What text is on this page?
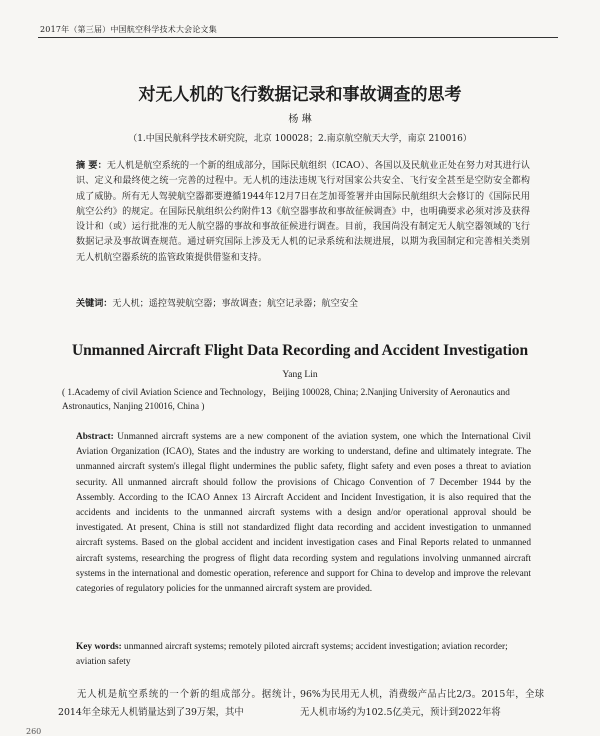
2017年（第三届）中国航空科学技术大会论文集
对无人机的飞行数据记录和事故调查的思考
杨 琳
（1.中国民航科学技术研究院，北京 100028；2.南京航空航天大学，南京 210016）
摘 要：无人机是航空系统的一个新的组成部分，国际民航组织（ICAO）、各国以及民航业正处在努力对其进行认识、定义和最终使之统一完善的过程中。无人机的违法违规飞行对国家公共安全、飞行安全甚至是空防安全都构成了威胁。所有无人驾驶航空器都要遵循1944年12月7日在芝加哥签署并由国际民航组织大会修订的《国际民用航空公约》的规定。在国际民航组织公约附件13《航空器事故和事故征候调查》中，也明确要求必须对涉及获得设计和（或）运行批准的无人航空器的事故和事故征候进行调查。目前，我国尚没有制定无人航空器领域的飞行数据记录及事故调查规范。通过研究国际上涉及无人机的记录系统和法规进展，以期为我国制定和完善相关类别无人机航空器系统的监管政策提供借鉴和支持。
关键词：无人机；遥控驾驶航空器；事故调查；航空记录器；航空安全
Unmanned Aircraft Flight Data Recording and Accident Investigation
Yang Lin
( 1.Academy of civil Aviation Science and Technology，Beijing 100028, China; 2.Nanjing University of Aeronautics and Astronautics, Nanjing 210016, China )
Abstract: Unmanned aircraft systems are a new component of the aviation system, one which the International Civil Aviation Organization (ICAO), States and the industry are working to understand, define and ultimately integrate. The unmanned aircraft system's illegal flight undermines the public safety, flight safety and even poses a threat to aviation security. All unmanned aircraft should follow the provisions of Chicago Convention of 7 December 1944 by the Assembly. According to the ICAO Annex 13 Aircraft Accident and Incident Investigation, it is also required that the accidents and incidents to the unmanned aircraft systems with a design and/or operational approval should be investigated. At present, China is still not standardized flight data recording and accident investigation to unmanned aircraft systems. Based on the global accident and incident investigation cases and Final Reports related to unmanned aircraft systems, researching the progress of flight data recording system and regulations involving unmanned aircraft systems in the international and domestic operation, reference and support for China to develop and improve the relevant categories of regulatory policies for the unmanned aircraft system are provided.
Key words: unmanned aircraft systems; remotely piloted aircraft systems; accident investigation; aviation recorder; aviation safety
无人机是航空系统的一个新的组成部分。据统计，2014年全球无人机销量达到了39万架，其中
96%为民用无人机，消费级产品占比2/3。2015年，全球无人机市场约为102.5亿美元，预计到2022年将
260
